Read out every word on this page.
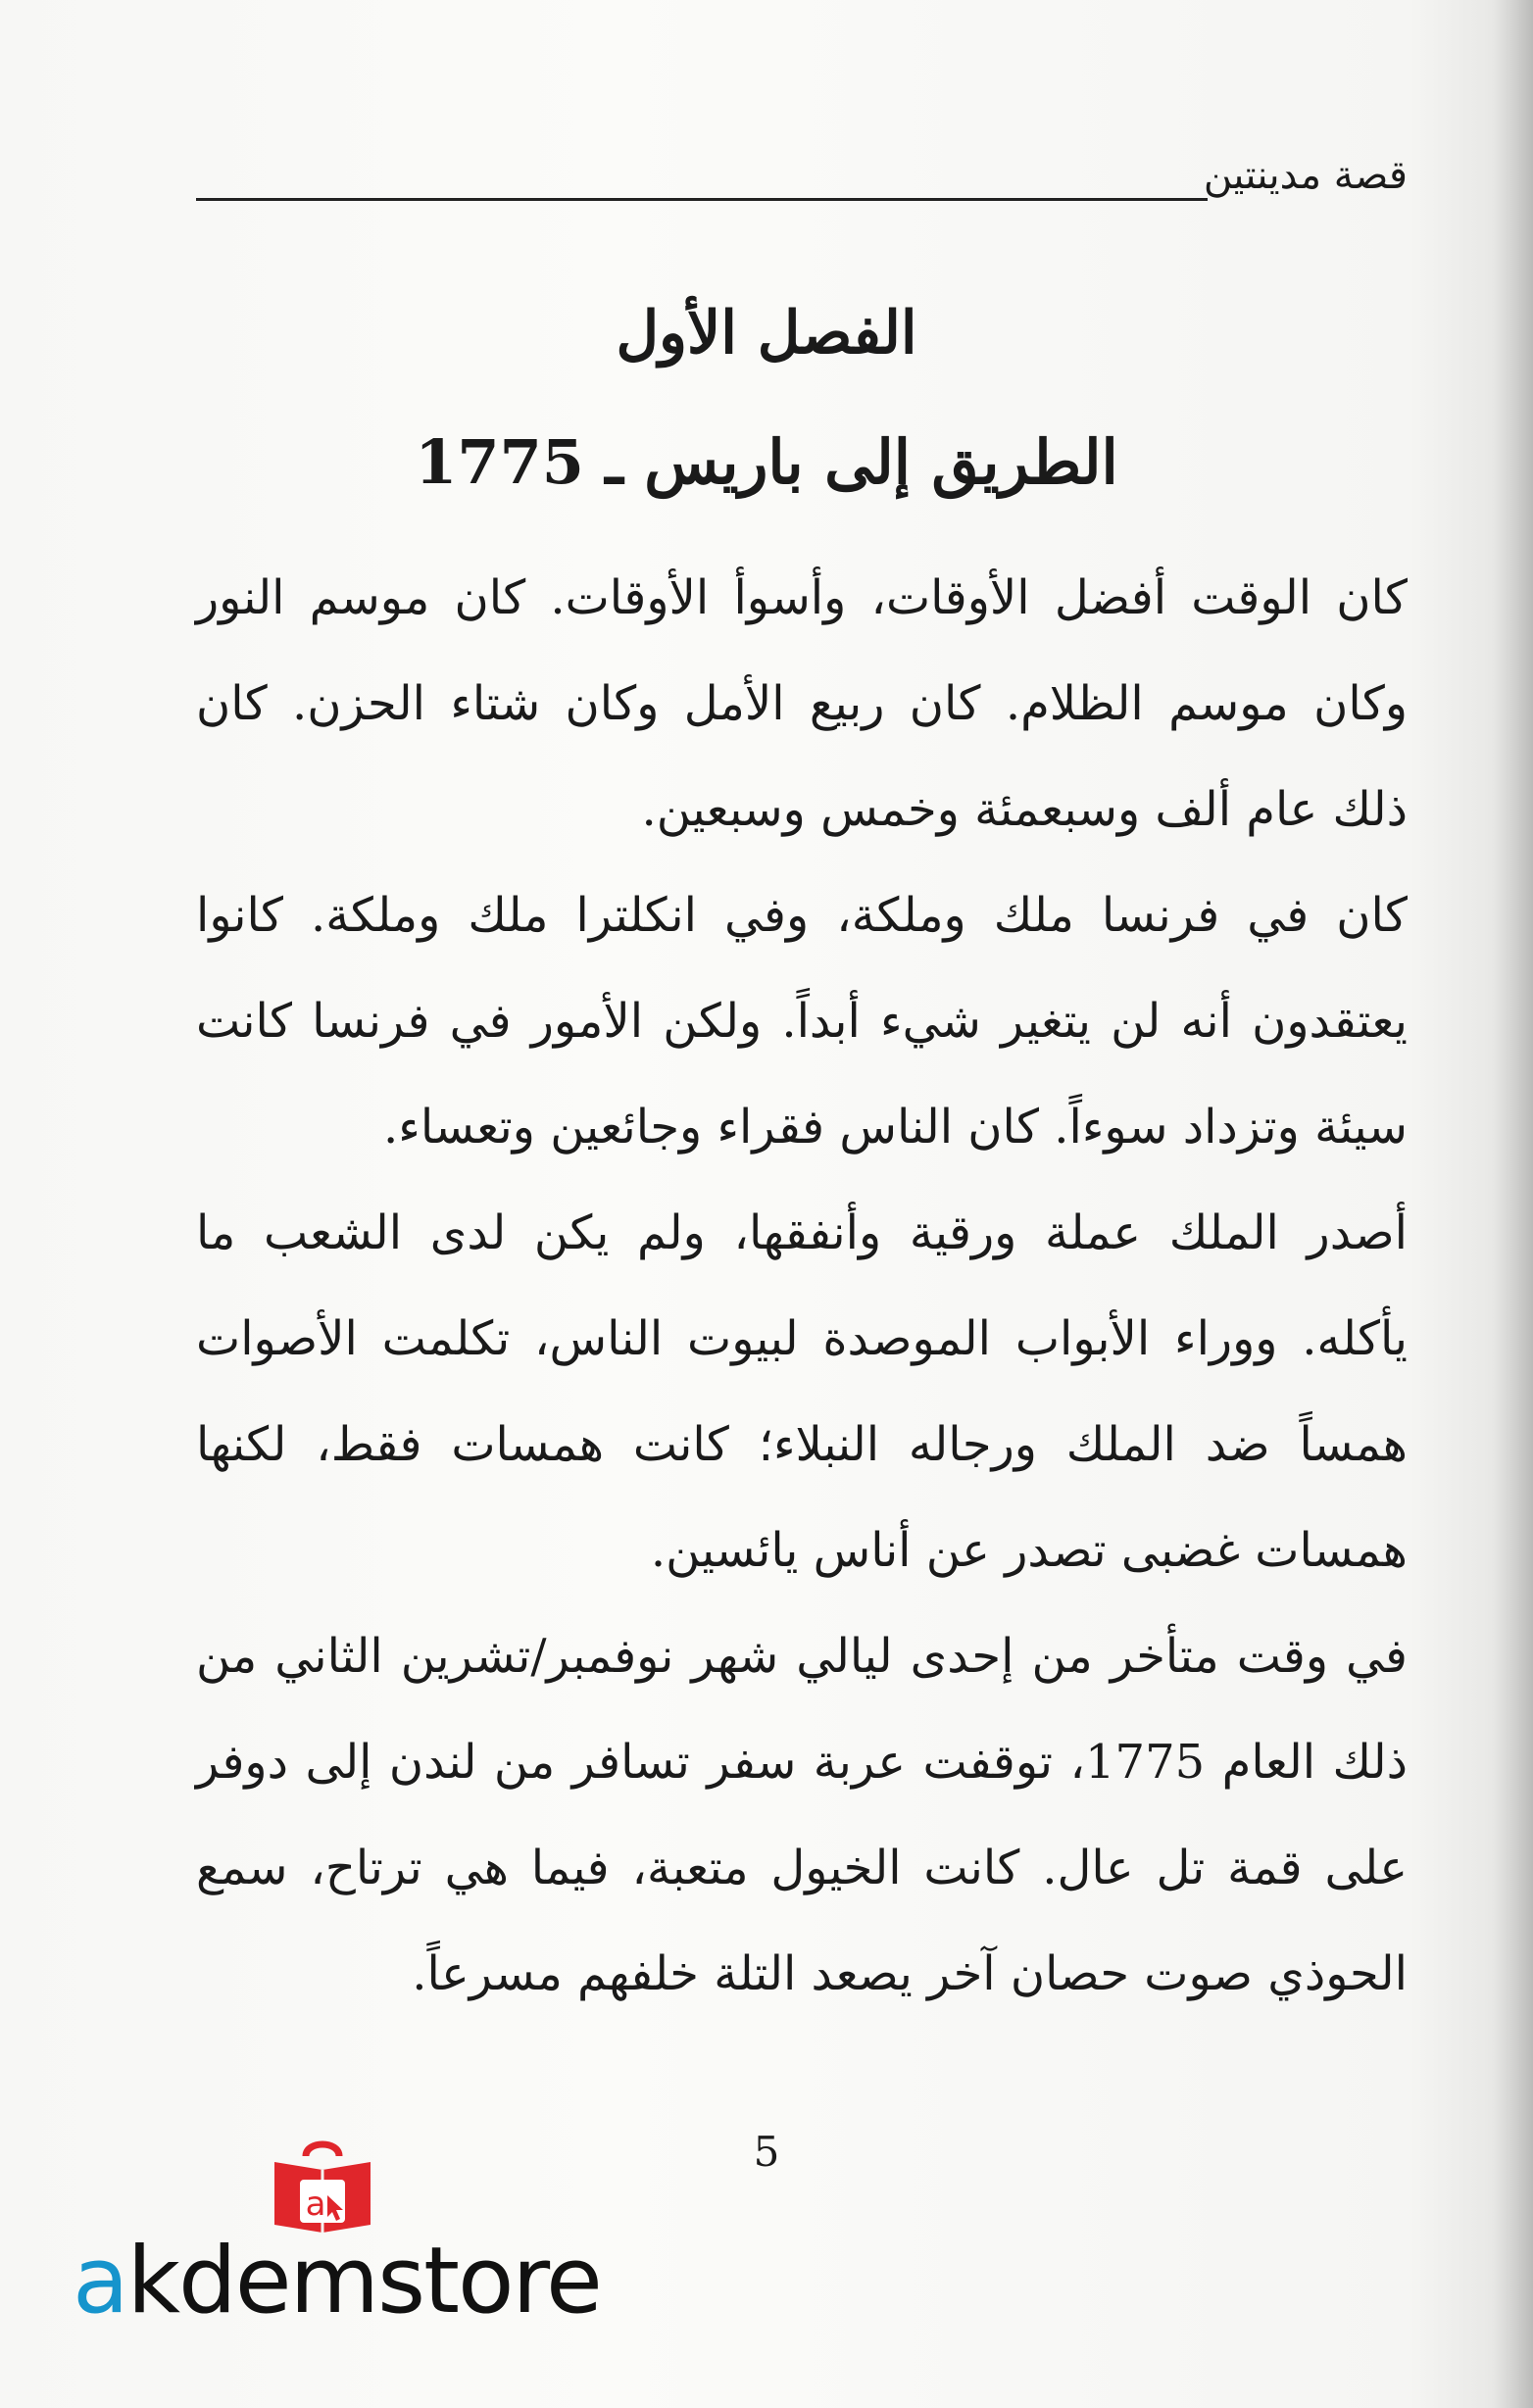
قصة مدينتين
الفصل الأول
الطريق إلى باريس ـ 1775

كان الوقت أفضل الأوقات، وأسوأ الأوقات. كان موسم النور وكان موسم الظلام. كان ربيع الأمل وكان شتاء الحزن. كان ذلك عام ألف وسبعمئة وخمس وسبعين.

كان في فرنسا ملك وملكة، وفي انكلترا ملك وملكة. كانوا يعتقدون أنه لن يتغير شيء أبداً. ولكن الأمور في فرنسا كانت سيئة وتزداد سوءاً. كان الناس فقراء وجائعين وتعساء.

أصدر الملك عملة ورقية وأنفقها، ولم يكن لدى الشعب ما يأكله. ووراء الأبواب الموصدة لبيوت الناس، تكلمت الأصوات همساً ضد الملك ورجاله النبلاء؛ كانت همسات فقط، لكنها همسات غضبى تصدر عن أناس يائسين.

في وقت متأخر من إحدى ليالي شهر نوفمبر/تشرين الثاني من ذلك العام 1775، توقفت عربة سفر تسافر من لندن إلى دوفر على قمة تل عال. كانت الخيول متعبة، فيما هي ترتاح، سمع الحوذي صوت حصان آخر يصعد التلة خلفهم مسرعاً.

5
a
akdemstore
